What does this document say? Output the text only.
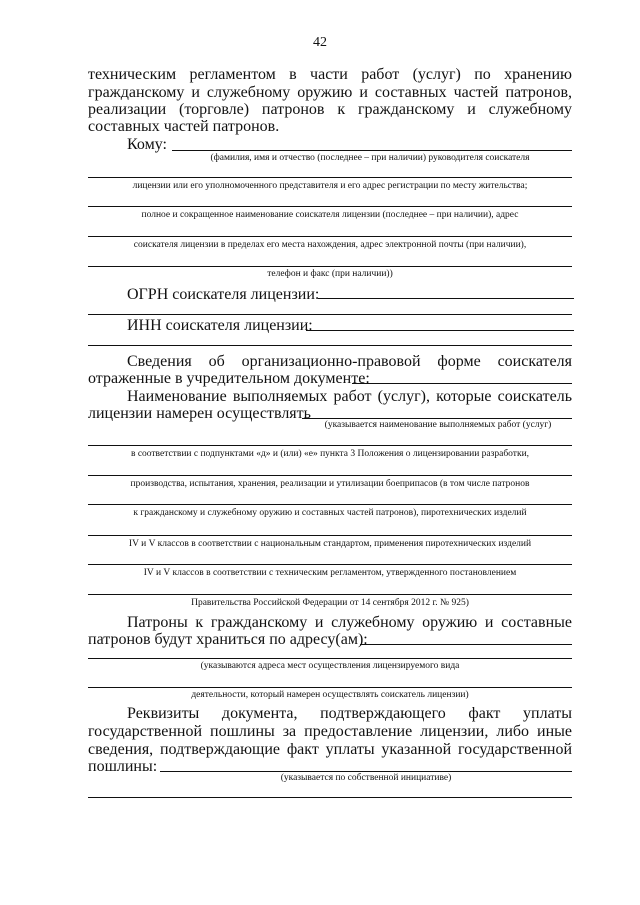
42
техническим регламентом в части работ (услуг) по хранению
гражданскому и служебному оружию и составных частей патронов,
реализации (торговле) патронов к гражданскому и служебному
составных частей патронов.
Кому:
(фамилия, имя и отчество (последнее – при наличии) руководителя соискателя
лицензии или его уполномоченного представителя и его адрес регистрации по месту жительства;
полное и сокращенное наименование соискателя лицензии (последнее – при наличии), адрес
соискателя лицензии в пределах его места нахождения, адрес электронной почты (при наличии),
телефон и факс (при наличии))
ОГРН соискателя лицензии:
ИНН соискателя лицензии:
Сведения об организационно-правовой форме соискателя
отраженные в учредительном документе:
Наименование выполняемых работ (услуг), которые соискатель
лицензии намерен осуществлять
(указывается наименование выполняемых работ (услуг)
в соответствии с подпунктами «д» и (или) «е» пункта 3 Положения о лицензировании разработки,
производства, испытания, хранения, реализации и утилизации боеприпасов (в том числе патронов
к гражданскому и служебному оружию и составных частей патронов), пиротехнических изделий
IV и V классов в соответствии с национальным стандартом, применения пиротехнических изделий
IV и V классов в соответствии с техническим регламентом, утвержденного постановлением
Правительства Российской Федерации от 14 сентября 2012 г. № 925)
Патроны к гражданскому и служебному оружию и составные
патронов будут храниться по адресу(ам):
(указываются адреса мест осуществления лицензируемого вида
деятельности, который намерен осуществлять соискатель лицензии)
Реквизиты документа, подтверждающего факт уплаты
государственной пошлины за предоставление лицензии, либо иные
сведения, подтверждающие факт уплаты указанной государственной
пошлины:
(указывается по собственной инициативе)
